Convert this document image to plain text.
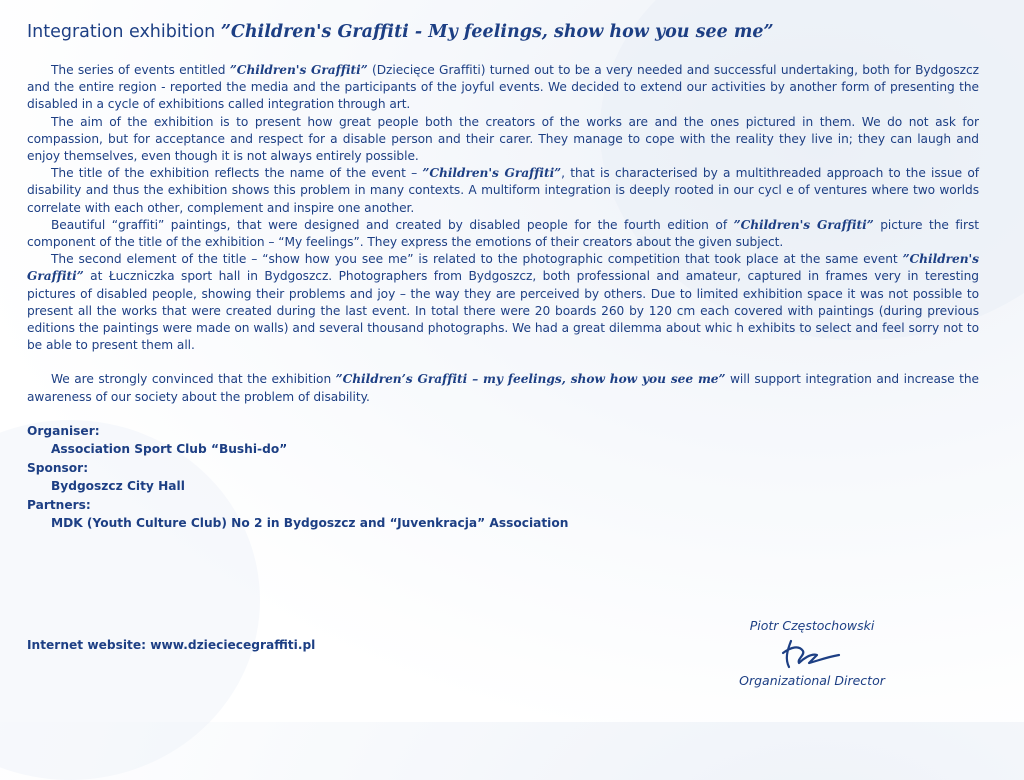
Integration exhibition ”Children's Graffiti - My feelings, show how you see me”

The series of events entitled ”Children's Graffiti” (Dziecięce Graffiti) turned out to be a very needed and successful undertaking, both for Bydgoszcz and the entire region - reported the media and the participants of the joyful events. We decided to extend our activities by another form of presenting the disabled in a cycle of exhibitions called integration through art.

The aim of the exhibition is to present how great people both the creators of the works are and the ones pictured in them. We do not ask for compassion, but for acceptance and respect for a disable person and their carer. They manage to cope with the reality they live in; they can laugh and enjoy themselves, even though it is not always entirely possible.

The title of the exhibition reflects the name of the event – ”Children's Graffiti”, that is characterised by a multithreaded approach to the issue of disability and thus the exhibition shows this problem in many contexts. A multiform integration is deeply rooted in our cycl e of ventures where two worlds correlate with each other, complement and inspire one another.

Beautiful “graffiti” paintings, that were designed and created by disabled people for the fourth edition of ”Children's Graffiti” picture the first component of the title of the exhibition – “My feelings”. They express the emotions of their creators about the given subject.

The second element of the title – “show how you see me” is related to the photographic competition that took place at the same event ”Children's Graffiti” at Łuczniczka sport hall in Bydgoszcz. Photographers from Bydgoszcz, both professional and amateur, captured in frames very in teresting pictures of disabled people, showing their problems and joy – the way they are perceived by others. Due to limited exhibition space it was not possible to present all the works that were created during the last event. In total there were 20 boards 260 by 120 cm each covered with paintings (during previous editions the paintings were made on walls) and several thousand photographs. We had a great dilemma about whic h exhibits to select and feel sorry not to be able to present them all.

We are strongly convinced that the exhibition ”Children’s Graffiti – my feelings, show how you see me” will support integration and increase the awareness of our society about the problem of disability.

Organiser:
Association Sport Club “Bushi-do”
Sponsor:
Bydgoszcz City Hall
Partners:
MDK (Youth Culture Club) No 2 in Bydgoszcz and “Juvenkracja” Association
Internet website: www.dzieciecegraffiti.pl
Piotr Częstochowski
Organizational Director
